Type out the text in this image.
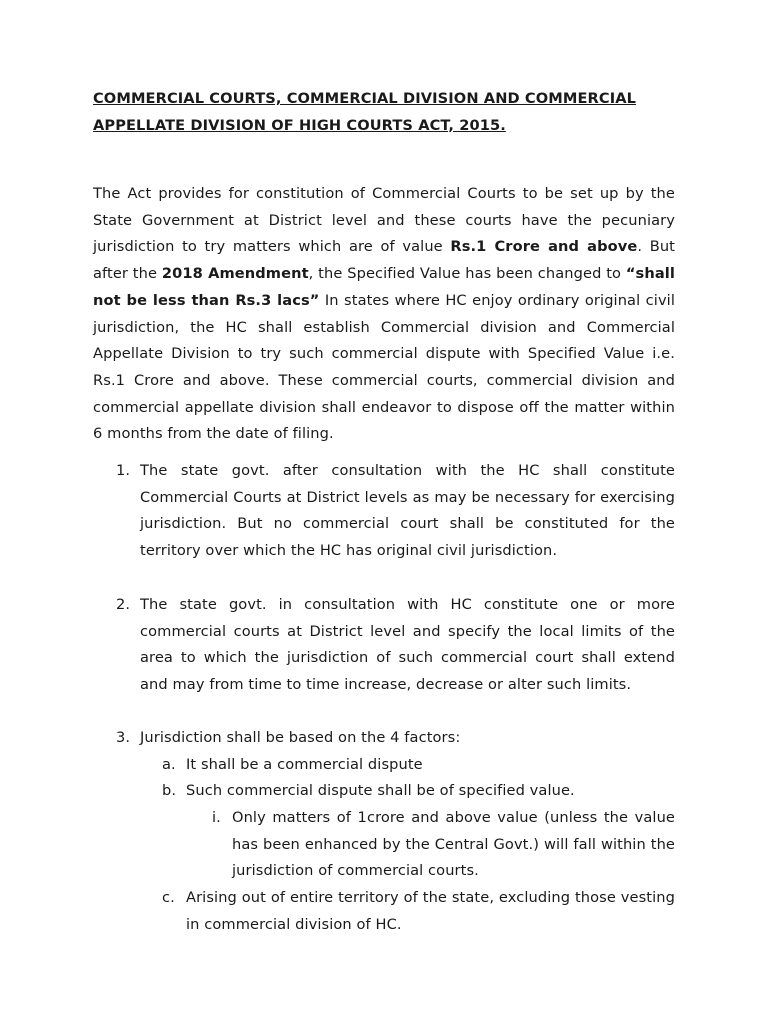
COMMERCIAL COURTS, COMMERCIAL DIVISION AND COMMERCIAL APPELLATE DIVISION OF HIGH COURTS ACT, 2015.
The Act provides for constitution of Commercial Courts to be set up by the State Government at District level and these courts have the pecuniary jurisdiction to try matters which are of value Rs.1 Crore and above. But after the 2018 Amendment, the Specified Value has been changed to “shall not be less than Rs.3 lacs” In states where HC enjoy ordinary original civil jurisdiction, the HC shall establish Commercial division and Commercial Appellate Division to try such commercial dispute with Specified Value i.e. Rs.1 Crore and above. These commercial courts, commercial division and commercial appellate division shall endeavor to dispose off the matter within 6 months from the date of filing.
1. The state govt. after consultation with the HC shall constitute Commercial Courts at District levels as may be necessary for exercising jurisdiction. But no commercial court shall be constituted for the territory over which the HC has original civil jurisdiction.
2. The state govt. in consultation with HC constitute one or more commercial courts at District level and specify the local limits of the area to which the jurisdiction of such commercial court shall extend and may from time to time increase, decrease or alter such limits.
3. Jurisdiction shall be based on the 4 factors:
a. It shall be a commercial dispute
b. Such commercial dispute shall be of specified value.
i. Only matters of 1crore and above value (unless the value has been enhanced by the Central Govt.) will fall within the jurisdiction of commercial courts.
c. Arising out of entire territory of the state, excluding those vesting in commercial division of HC.
